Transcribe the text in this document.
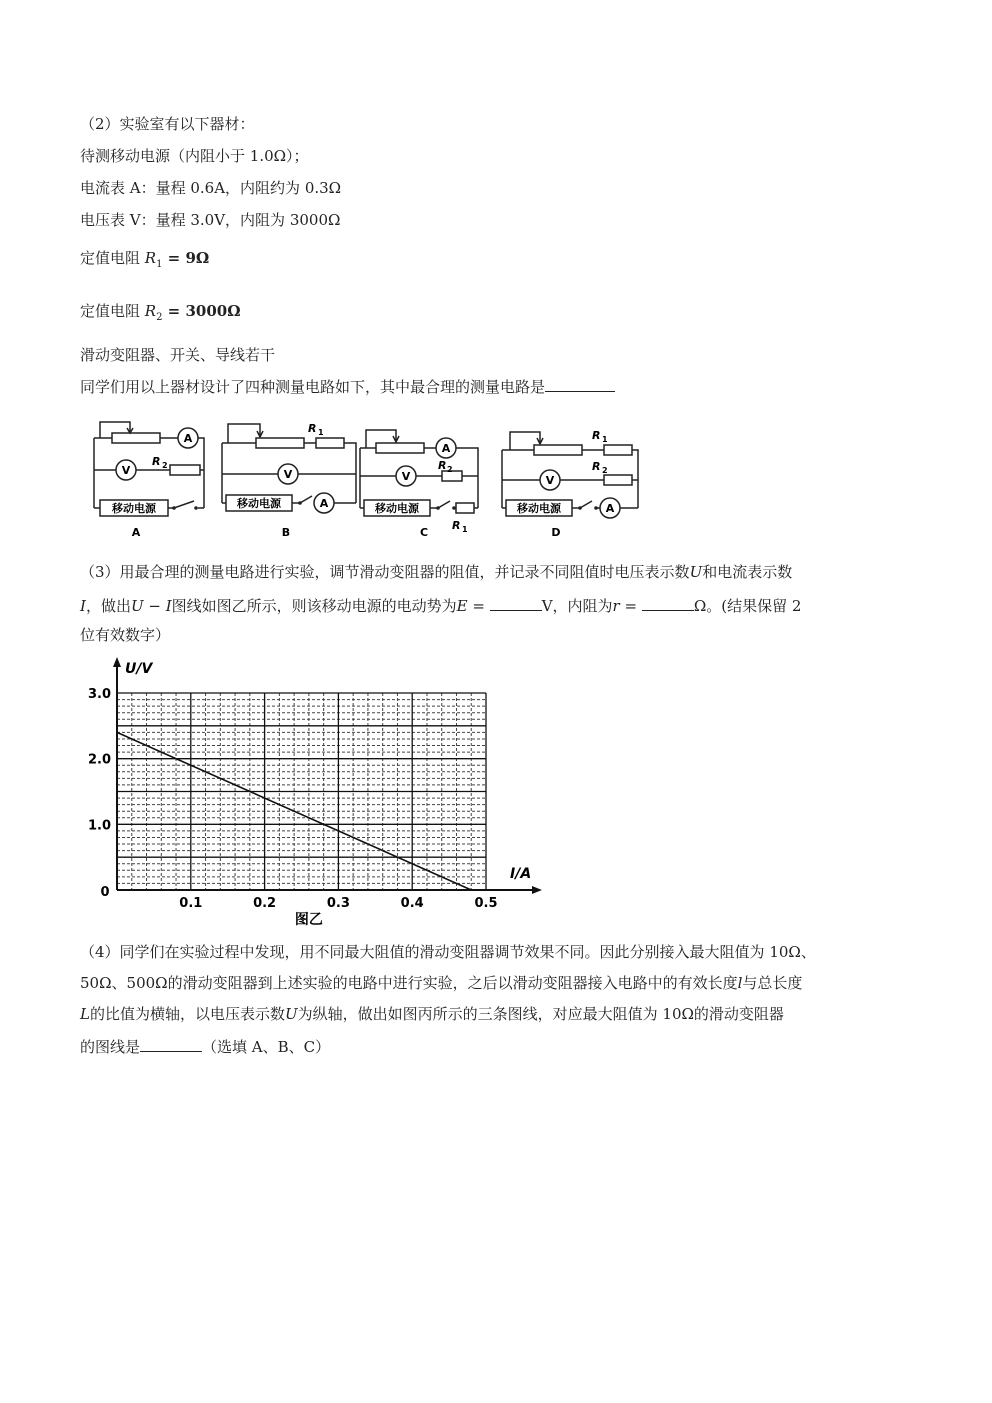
（2）实验室有以下器材：
待测移动电源（内阻小于 1.0Ω）；
电流表 A：量程 0.6A，内阻约为 0.3Ω
电压表 V：量程 3.0V，内阻为 3000Ω
定值电阻 $R_1 = 9\Omega$
定值电阻 $R_2 = 3000\Omega$
滑动变阻器、开关、导线若干
同学们用以上器材设计了四种测量电路如下，其中最合理的测量电路是
A
V
R 2
移动电源
A
R 1
V
移动电源	A
B
A
V
R 2
移动电源
R 1
C
R 1
V
R 2
移动电源	A
D
（3）用最合理的测量电路进行实验，调节滑动变阻器的阻值，并记录不同阻值时电压表示数U和电流表示数
I，做出U − I图线如图乙所示，则该移动电源的电动势为E =	V，内阻为r =	Ω。(结果保留 2
位有效数字）
0
0.1	0.2	0.3	0.4	0.5
1.0
2.0
3.0
U/V
I/A
图乙
（4）同学们在实验过程中发现，用不同最大阻值的滑动变阻器调节效果不同。因此分别接入最大阻值为 10Ω、
50Ω、500Ω的滑动变阻器到上述实验的电路中进行实验，之后以滑动变阻器接入电路中的有效长度l与总长度
L的比值为横轴，以电压表示数U为纵轴，做出如图丙所示的三条图线，对应最大阻值为 10Ω的滑动变阻器
的图线是	（选填 A、B、C）
